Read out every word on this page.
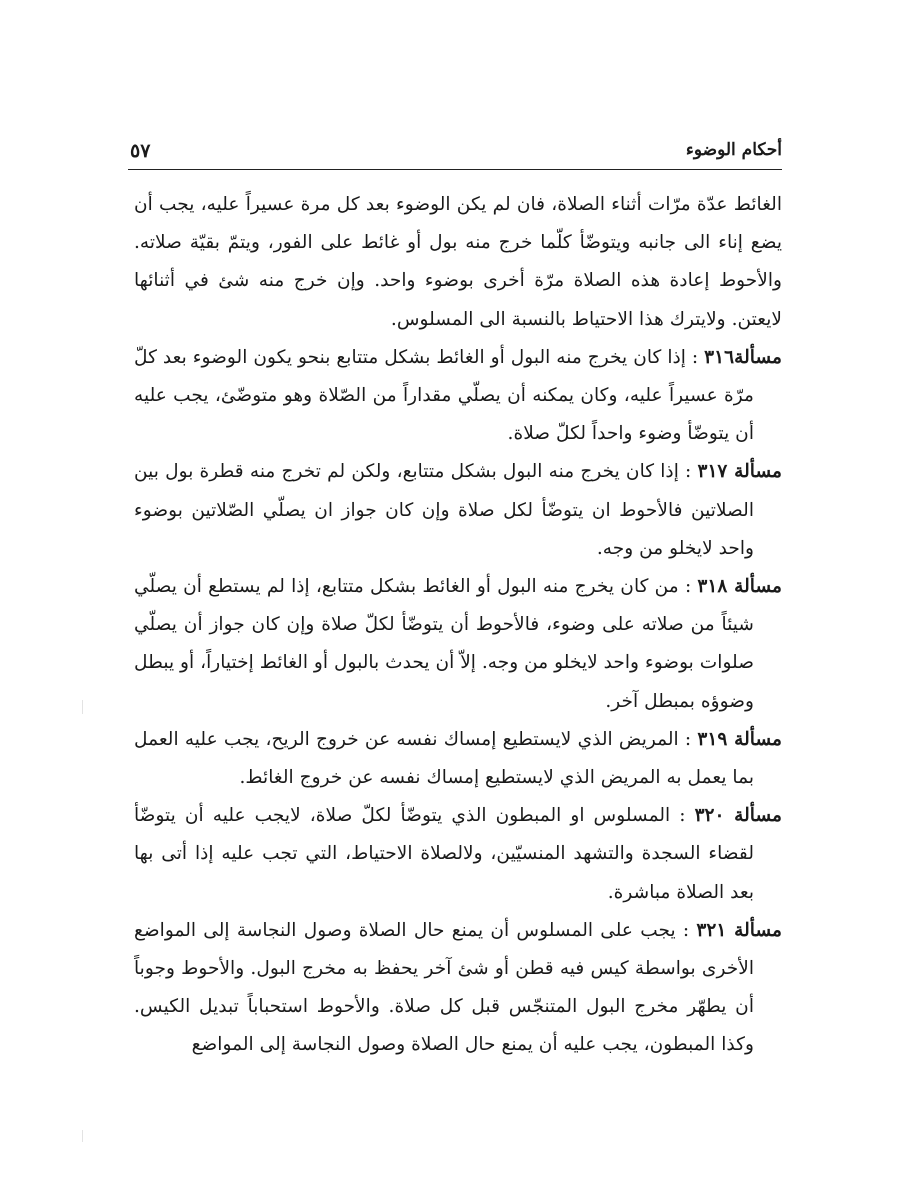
أحكام الوضوء
٥٧

الغائط عدّة مرّات أثناء الصلاة، فان لم يكن الوضوء بعد كل مرة عسيراً عليه، يجب أن يضع إناء الى جانبه ويتوضّأ كلّما خرج منه بول أو غائط على الفور، ويتمّ بقيّة صلاته. والأحوط إعادة هذه الصلاة مرّة أخرى بوضوء واحد. وإن خرج منه شئ في أثنائها لايعتن. ولايترك هذا الاحتياط بالنسبة الى المسلوس.

مسألة٣١٦ : إذا كان يخرج منه البول أو الغائط بشكل متتابع بنحو يكون الوضوء بعد كلّ مرّة عسيراً عليه، وكان يمكنه أن يصلّي مقداراً من الصّلاة وهو متوضّئ، يجب عليه أن يتوضّأ وضوء واحداً لكلّ صلاة.

مسألة ٣١٧ : إذا كان يخرج منه البول بشكل متتابع، ولكن لم تخرج منه قطرة بول بين الصلاتين فالأحوط ان يتوضّأ لكل صلاة وإن كان جواز ان يصلّي الصّلاتين بوضوء واحد لايخلو من وجه.

مسألة ٣١٨ : من كان يخرج منه البول أو الغائط بشكل متتابع، إذا لم يستطع أن يصلّي شيئاً من صلاته على وضوء، فالأحوط أن يتوضّأ لكلّ صلاة وإن كان جواز أن يصلّي صلوات بوضوء واحد لايخلو من وجه. إلاّ أن يحدث بالبول أو الغائط إختياراً، أو يبطل وضوؤه بمبطل آخر.

مسألة ٣١٩ : المريض الذي لايستطيع إمساك نفسه عن خروج الريح، يجب عليه العمل بما يعمل به المريض الذي لايستطيع إمساك نفسه عن خروج الغائط.

مسألة ٣٢٠ : المسلوس او المبطون الذي يتوضّأ لكلّ صلاة، لايجب عليه أن يتوضّأ لقضاء السجدة والتشهد المنسيّين، ولالصلاة الاحتياط، التي تجب عليه إذا أتى بها بعد الصلاة مباشرة.

مسألة ٣٢١ : يجب على المسلوس أن يمنع حال الصلاة وصول النجاسة إلى المواضع الأخرى بواسطة كيس فيه قطن أو شئ آخر يحفظ به مخرج البول. والأحوط وجوباً أن يطهّر مخرج البول المتنجّس قبل كل صلاة. والأحوط استحباباً تبديل الكيس. وكذا المبطون، يجب عليه أن يمنع حال الصلاة وصول النجاسة إلى المواضع
